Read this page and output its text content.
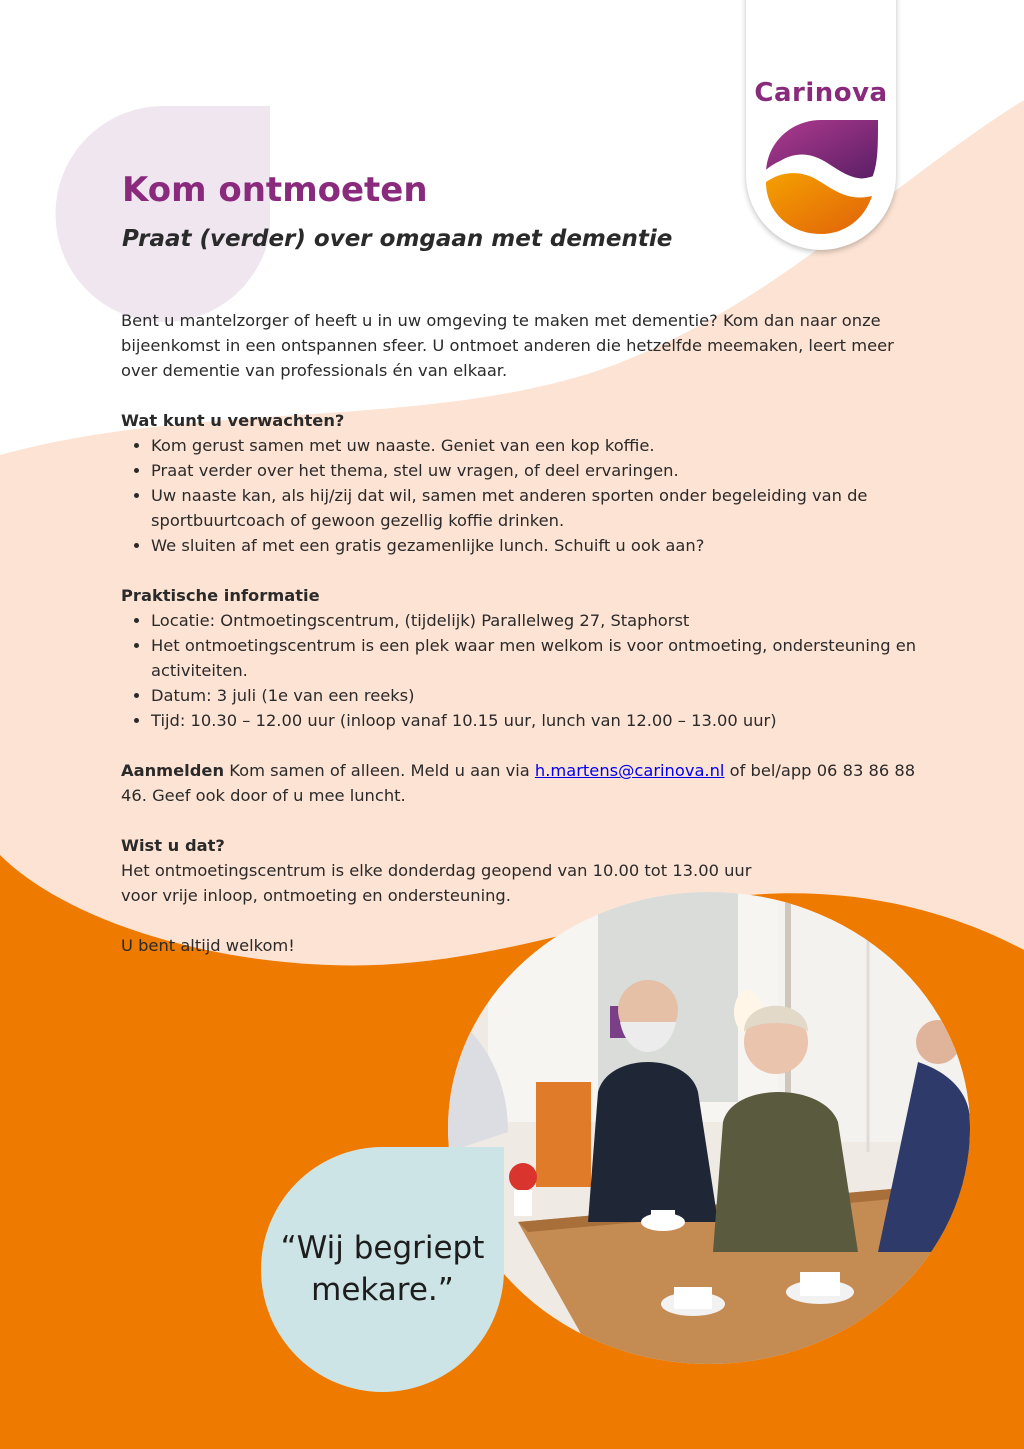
Carinova
Kom ontmoeten
Praat (verder) over omgaan met dementie

Bent u mantelzorger of heeft u in uw omgeving te maken met dementie? Kom dan naar onze bijeenkomst in een ontspannen sfeer. U ontmoet anderen die hetzelfde meemaken, leert meer over dementie van professionals én van elkaar.

Wat kunt u verwachten?

• Kom gerust samen met uw naaste. Geniet van een kop koffie.
• Praat verder over het thema, stel uw vragen, of deel ervaringen.
• Uw naaste kan, als hij/zij dat wil, samen met anderen sporten onder begeleiding van de sportbuurtcoach of gewoon gezellig koffie drinken.
• We sluiten af met een gratis gezamenlijke lunch. Schuift u ook aan?

Praktische informatie

• Locatie: Ontmoetingscentrum, (tijdelijk) Parallelweg 27, Staphorst
• Het ontmoetingscentrum is een plek waar men welkom is voor ontmoeting, ondersteuning en activiteiten.
• Datum: 3 juli (1e van een reeks)
• Tijd: 10.30 – 12.00 uur (inloop vanaf 10.15 uur, lunch van 12.00 – 13.00 uur)

Aanmelden Kom samen of alleen. Meld u aan via h.martens@carinova.nl of bel/app 06 83 86 88 46. Geef ook door of u mee luncht.

Wist u dat?

Het ontmoetingscentrum is elke donderdag geopend van 10.00 tot 13.00 uur

voor vrije inloop, ontmoeting en ondersteuning.

U bent altijd welkom!

“Wij begriept
mekare.”
